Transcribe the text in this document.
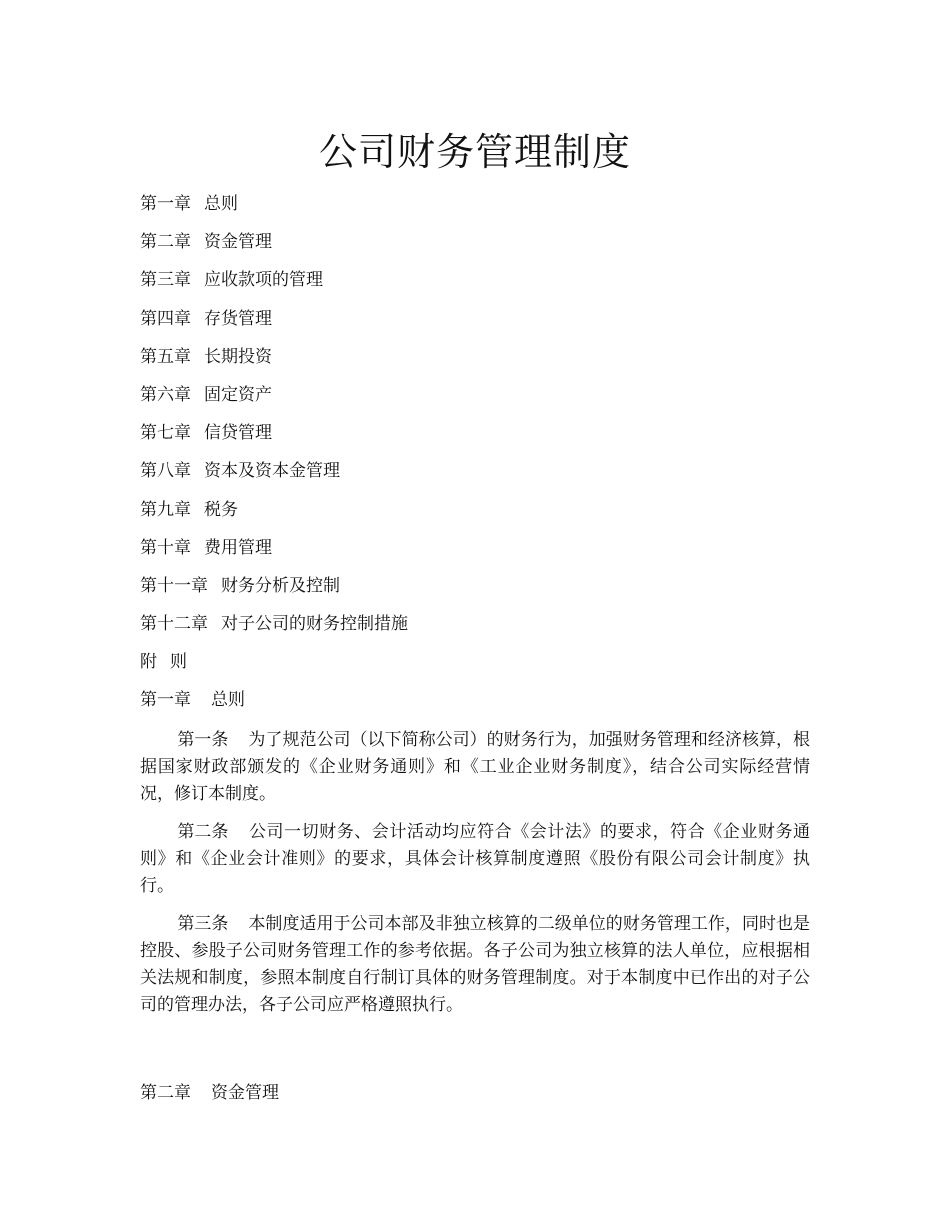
公司财务管理制度
第一章 总则
第二章 资金管理
第三章 应收款项的管理
第四章 存货管理
第五章 长期投资
第六章 固定资产
第七章 信贷管理
第八章 资本及资本金管理
第九章 税务
第十章 费用管理
第十一章 财务分析及控制
第十二章 对子公司的财务控制措施
附 则
第一章 总则

第一条 为了规范公司（以下简称公司）的财务行为，加强财务管理和经济核算，根据国家财政部颁发的《企业财务通则》和《工业企业财务制度》，结合公司实际经营情况，修订本制度。

第二条 公司一切财务、会计活动均应符合《会计法》的要求，符合《企业财务通则》和《企业会计准则》的要求，具体会计核算制度遵照《股份有限公司会计制度》执行。

第三条 本制度适用于公司本部及非独立核算的二级单位的财务管理工作，同时也是控股、参股子公司财务管理工作的参考依据。各子公司为独立核算的法人单位，应根据相关法规和制度，参照本制度自行制订具体的财务管理制度。对于本制度中已作出的对子公司的管理办法，各子公司应严格遵照执行。

第二章 资金管理
